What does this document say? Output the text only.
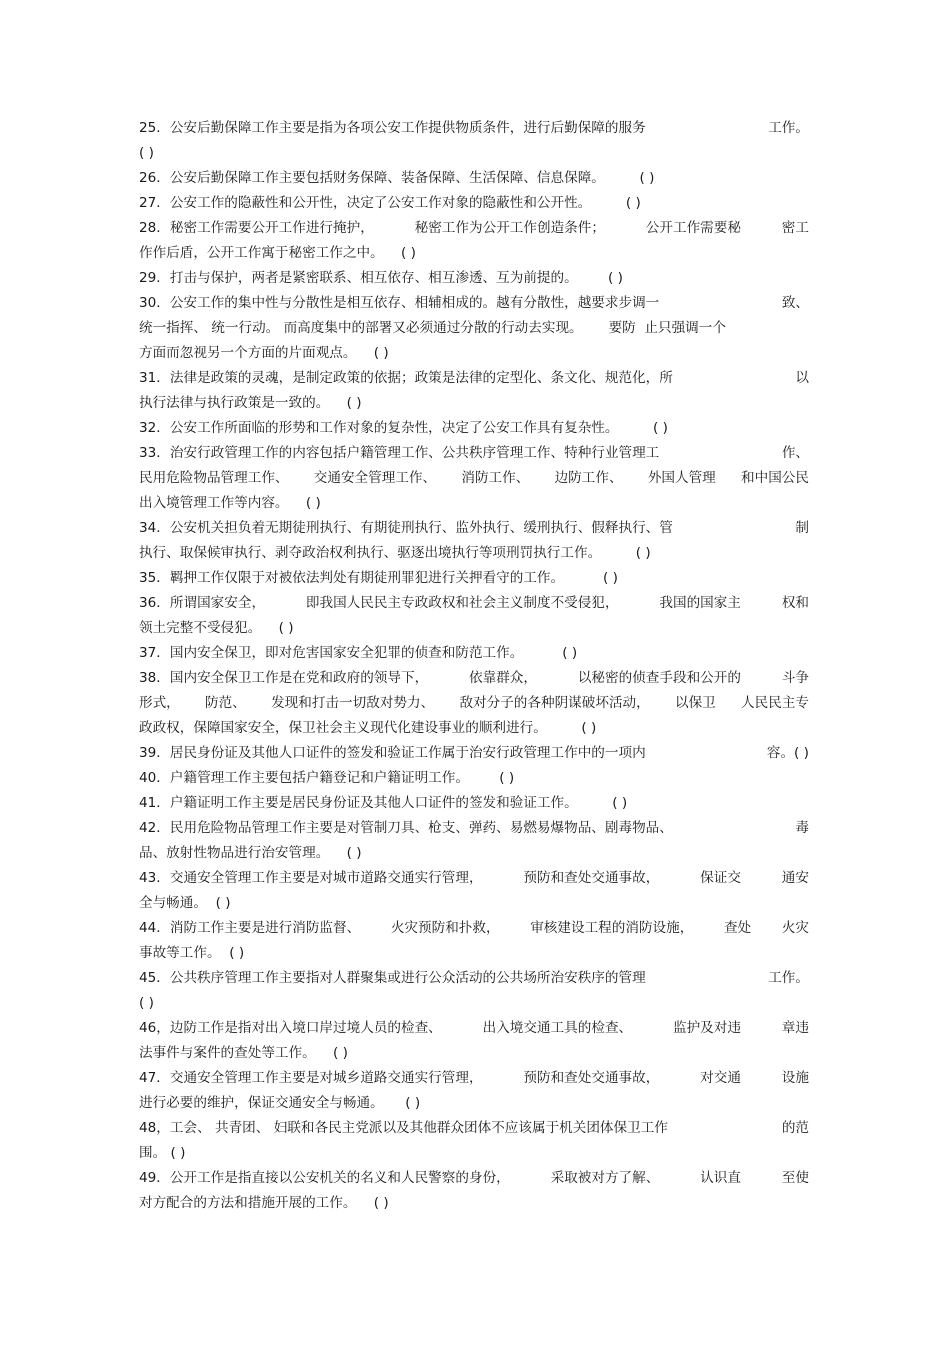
25．公安后勤保障工作主要是指为各项公安工作提供物质条件，进行后勤保障的服务	工作。
( )
26．公安后勤保障工作主要包括财务保障、装备保障、生活保障、信息保障。 ( )
27．公安工作的隐蔽性和公开性，决定了公安工作对象的隐蔽性和公开性。 ( )
28．秘密工作需要公开工作进行掩护，	秘密工作为公开工作创造条件；	公开工作需要秘	密工
作作后盾，公开工作寓于秘密工作之中。 ( )
29．打击与保护，两者是紧密联系、相互依存、相互渗透、互为前提的。 ( )
30．公安工作的集中性与分散性是相互依存、相辅相成的。越有分散性，越要求步调一	致、
统一指挥、 统一行动。 而高度集中的部署又必须通过分散的行动去实现。 要防  止只强调一个
方面而忽视另一个方面的片面观点。 ( )
31．法律是政策的灵魂，是制定政策的依据；政策是法律的定型化、条文化、规范化，所	以
执行法律与执行政策是一致的。 ( )
32．公安工作所面临的形势和工作对象的复杂性，决定了公安工作具有复杂性。 ( )
33．治安行政管理工作的内容包括户籍管理工作、公共秩序管理工作、特种行业管理工	作、
民用危险物品管理工作、 交通安全管理工作、 消防工作、 边防工作、 外国人管理 和中国公民
出入境管理工作等内容。 ( )
34．公安机关担负着无期徒刑执行、有期徒刑执行、监外执行、缓刑执行、假释执行、管	制
执行、取保候审执行、剥夺政治权利执行、驱逐出境执行等项刑罚执行工作。 ( )
35．羁押工作仅限于对被依法判处有期徒刑罪犯进行关押看守的工作。 ( )
36．所谓国家安全，	即我国人民民主专政政权和社会主义制度不受侵犯，	我国的国家主	权和
领土完整不受侵犯。 ( )
37．国内安全保卫，即对危害国家安全犯罪的侦查和防范工作。 ( )
38．国内安全保卫工作是在党和政府的领导下，	依靠群众，	以秘密的侦查手段和公开的	斗争
形式， 防范、 发现和打击一切敌对势力、 敌对分子的各种阴谋破坏活动， 以保卫 人民民主专
政政权，保障国家安全，保卫社会主义现代化建设事业的顺利进行。 ( )
39．居民身份证及其他人口证件的签发和验证工作属于治安行政管理工作中的一项内	容。( )
40．户籍管理工作主要包括户籍登记和户籍证明工作。 ( )
41．户籍证明工作主要是居民身份证及其他人口证件的签发和验证工作。 ( )
42．民用危险物品管理工作主要是对管制刀具、枪支、弹药、易燃易爆物品、剧毒物品、	毒
品、放射性物品进行治安管理。 ( )
43．交通安全管理工作主要是对城市道路交通实行管理，	预防和查处交通事故，	保证交	通安
全与畅通。 ( )
44．消防工作主要是进行消防监督、 火灾预防和扑救， 审核建设工程的消防设施， 查处 火灾
事故等工作。 ( )
45．公共秩序管理工作主要指对人群聚集或进行公众活动的公共场所治安秩序的管理	工作。
( )
46，边防工作是指对出入境口岸过境人员的检查、	出入境交通工具的检查、	监护及对违	章违
法事件与案件的查处等工作。 ( )
47．交通安全管理工作主要是对城乡道路交通实行管理，	预防和查处交通事故，	对交通	设施
进行必要的维护，保证交通安全与畅通。 ( )
48，工会、 共青团、 妇联和各民主党派以及其他群众团体不应该属于机关团体保卫工作	的范
围。 ( )
49．公开工作是指直接以公安机关的名义和人民警察的身份，	采取被对方了解、	认识直	至使
对方配合的方法和措施开展的工作。 ( )
